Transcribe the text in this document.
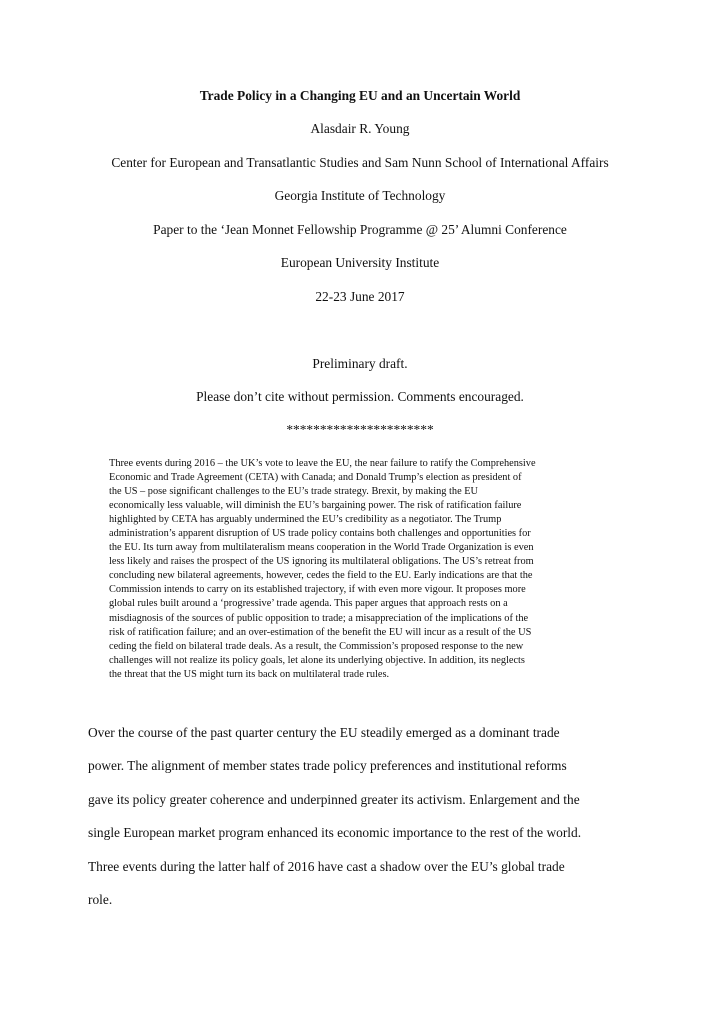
Trade Policy in a Changing EU and an Uncertain World
Alasdair R. Young
Center for European and Transatlantic Studies and Sam Nunn School of International Affairs
Georgia Institute of Technology
Paper to the ‘Jean Monnet Fellowship Programme @ 25’ Alumni Conference
European University Institute
22-23 June 2017
Preliminary draft.
Please don’t cite without permission. Comments encouraged.
**********************
Three events during 2016 – the UK’s vote to leave the EU, the near failure to ratify the Comprehensive
Economic and Trade Agreement (CETA) with Canada; and Donald Trump’s election as president of
the US – pose significant challenges to the EU’s trade strategy. Brexit, by making the EU
economically less valuable, will diminish the EU’s bargaining power. The risk of ratification failure
highlighted by CETA has arguably undermined the EU’s credibility as a negotiator. The Trump
administration’s apparent disruption of US trade policy contains both challenges and opportunities for
the EU. Its turn away from multilateralism means cooperation in the World Trade Organization is even
less likely and raises the prospect of the US ignoring its multilateral obligations. The US’s retreat from
concluding new bilateral agreements, however, cedes the field to the EU. Early indications are that the
Commission intends to carry on its established trajectory, if with even more vigour. It proposes more
global rules built around a ‘progressive’ trade agenda. This paper argues that approach rests on a
misdiagnosis of the sources of public opposition to trade; a misappreciation of the implications of the
risk of ratification failure; and an over-estimation of the benefit the EU will incur as a result of the US
ceding the field on bilateral trade deals. As a result, the Commission’s proposed response to the new
challenges will not realize its policy goals, let alone its underlying objective. In addition, its neglects
the threat that the US might turn its back on multilateral trade rules.
Over the course of the past quarter century the EU steadily emerged as a dominant trade
power. The alignment of member states trade policy preferences and institutional reforms
gave its policy greater coherence and underpinned greater its activism. Enlargement and the
single European market program enhanced its economic importance to the rest of the world.
Three events during the latter half of 2016 have cast a shadow over the EU’s global trade
role.
